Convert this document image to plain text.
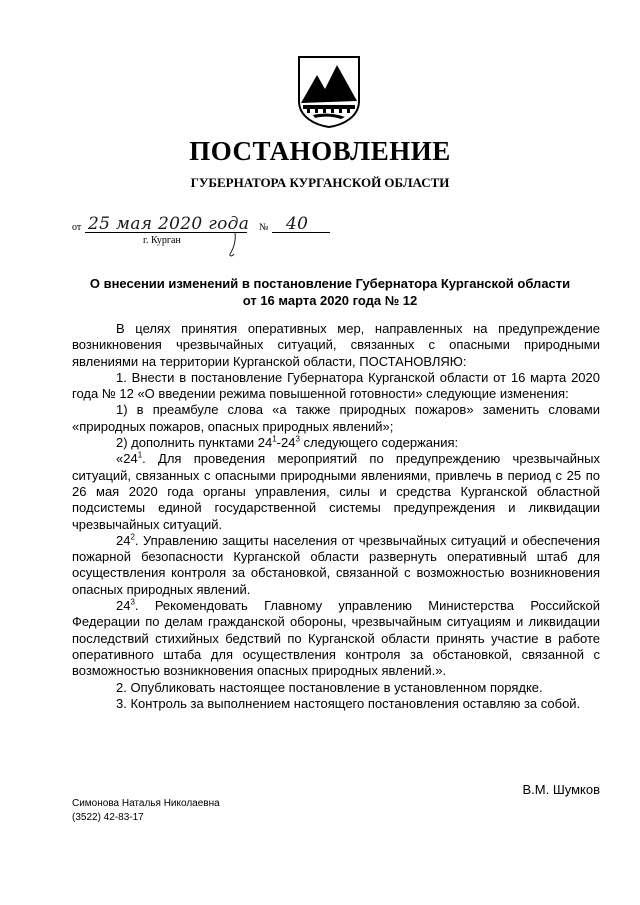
ПОСТАНОВЛЕНИЕ
ГУБЕРНАТОРА КУРГАНСКОЙ ОБЛАСТИ
от 25 мая 2020 года № 40
г. Курган
О внесении изменений в постановление Губернатора Курганской области
от 16 марта 2020 года № 12

В целях принятия оперативных мер, направленных на предупреждение возникновения чрезвычайных ситуаций, связанных с опасными природными явлениями на территории Курганской области, ПОСТАНОВЛЯЮ:

1. Внести в постановление Губернатора Курганской области от 16 марта 2020 года № 12 «О введении режима повышенной готовности» следующие изменения:

1) в преамбуле слова «а также природных пожаров» заменить словами «природных пожаров, опасных природных явлений»;

2) дополнить пунктами $24^1-24^3$ следующего содержания:

«$24^1$. Для проведения мероприятий по предупреждению чрезвычайных ситуаций, связанных с опасными природными явлениями, привлечь в период с 25 по 26 мая 2020 года органы управления, силы и средства Курганской областной подсистемы единой государственной системы предупреждения и ликвидации чрезвычайных ситуаций.

$24^2$. Управлению защиты населения от чрезвычайных ситуаций и обеспечения пожарной безопасности Курганской области развернуть оперативный штаб для осуществления контроля за обстановкой, связанной с возможностью возникновения опасных природных явлений.

$24^3$. Рекомендовать Главному управлению Министерства Российской Федерации по делам гражданской обороны, чрезвычайным ситуациям и ликвидации последствий стихийных бедствий по Курганской области принять участие в работе оперативного штаба для осуществления контроля за обстановкой, связанной с возможностью возникновения опасных природных явлений.».

2. Опубликовать настоящее постановление в установленном порядке.

3. Контроль за выполнением настоящего постановления оставляю за собой.

В.М. Шумков
Симонова Наталья Николаевна
(3522) 42-83-17
